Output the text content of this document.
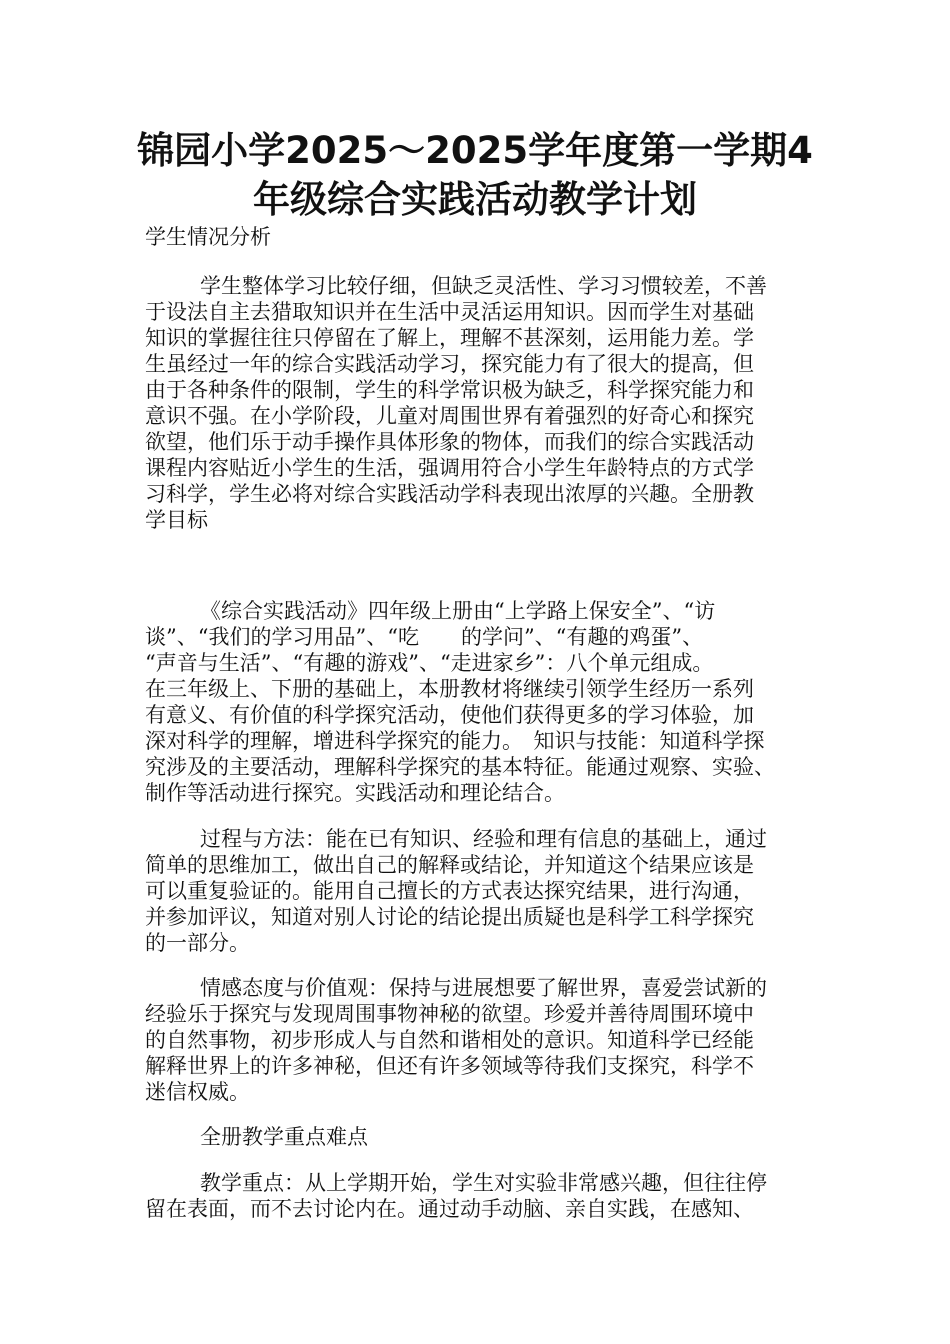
锦园小学2025～2025学年度第一学期4
年级综合实践活动教学计划

学生情况分析

学生整体学习比较仔细，但缺乏灵活性、学习习惯较差，不善

于设法自主去猎取知识并在生活中灵活运用知识。因而学生对基础

知识的掌握往往只停留在了解上，理解不甚深刻，运用能力差。学

生虽经过一年的综合实践活动学习，探究能力有了很大的提高，但

由于各种条件的限制，学生的科学常识极为缺乏，科学探究能力和

意识不强。在小学阶段，儿童对周围世界有着强烈的好奇心和探究

欲望，他们乐于动手操作具体形象的物体，而我们的综合实践活动

课程内容贴近小学生的生活，强调用符合小学生年龄特点的方式学

习科学，学生必将对综合实践活动学科表现出浓厚的兴趣。全册教

学目标

《综合实践活动》四年级上册由“上学路上保安全”、“访

谈”、“我们的学习用品”、“吃　　的学问”、“有趣的鸡蛋”、

“声音与生活”、“有趣的游戏”、“走进家乡”：八个单元组成。

在三年级上、下册的基础上，本册教材将继续引领学生经历一系列

有意义、有价值的科学探究活动，使他们获得更多的学习体验，加

深对科学的理解，增进科学探究的能力。　知识与技能：知道科学探

究涉及的主要活动，理解科学探究的基本特征。能通过观察、实验、

制作等活动进行探究。实践活动和理论结合。

过程与方法：能在已有知识、经验和理有信息的基础上，通过

简单的思维加工，做出自己的解释或结论，并知道这个结果应该是

可以重复验证的。能用自己擅长的方式表达探究结果，进行沟通，

并参加评议，知道对别人讨论的结论提出质疑也是科学工科学探究

的一部分。

情感态度与价值观：保持与进展想要了解世界，喜爱尝试新的

经验乐于探究与发现周围事物神秘的欲望。珍爱并善待周围环境中

的自然事物，初步形成人与自然和谐相处的意识。知道科学已经能

解释世界上的许多神秘，但还有许多领域等待我们支探究，科学不

迷信权威。

全册教学重点难点

教学重点：从上学期开始，学生对实验非常感兴趣，但往往停

留在表面，而不去讨论内在。通过动手动脑、亲自实践，在感知、
